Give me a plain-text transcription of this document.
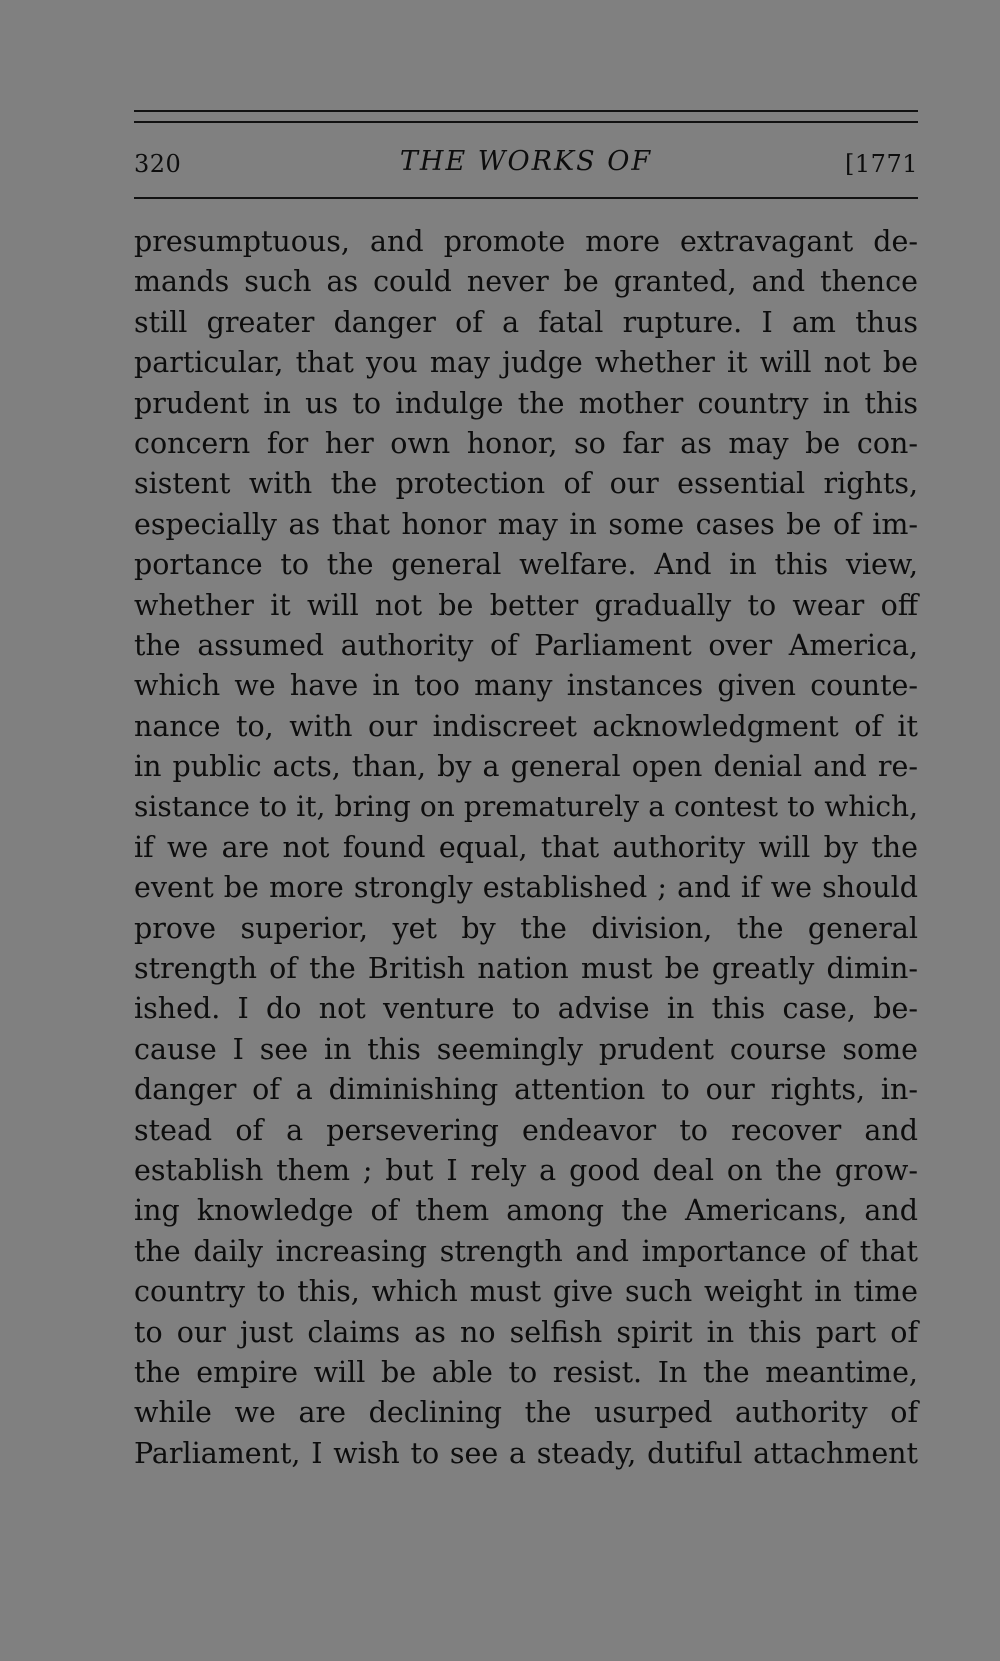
320	THE WORKS OF	[1771
presumptuous, and promote more extravagant de-
mands such as could never be granted, and thence
still greater danger of a fatal rupture. I am thus
particular, that you may judge whether it will not be
prudent in us to indulge the mother country in this
concern for her own honor, so far as may be con-
sistent with the protection of our essential rights,
especially as that honor may in some cases be of im-
portance to the general welfare. And in this view,
whether it will not be better gradually to wear off
the assumed authority of Parliament over America,
which we have in too many instances given counte-
nance to, with our indiscreet acknowledgment of it
in public acts, than, by a general open denial and re-
sistance to it, bring on prematurely a contest to which,
if we are not found equal, that authority will by the
event be more strongly established ; and if we should
prove superior, yet by the division, the general
strength of the British nation must be greatly dimin-
ished. I do not venture to advise in this case, be-
cause I see in this seemingly prudent course some
danger of a diminishing attention to our rights, in-
stead of a persevering endeavor to recover and
establish them ; but I rely a good deal on the grow-
ing knowledge of them among the Americans, and
the daily increasing strength and importance of that
country to this, which must give such weight in time
to our just claims as no selfish spirit in this part of
the empire will be able to resist. In the meantime,
while we are declining the usurped authority of
Parliament, I wish to see a steady, dutiful attachment
